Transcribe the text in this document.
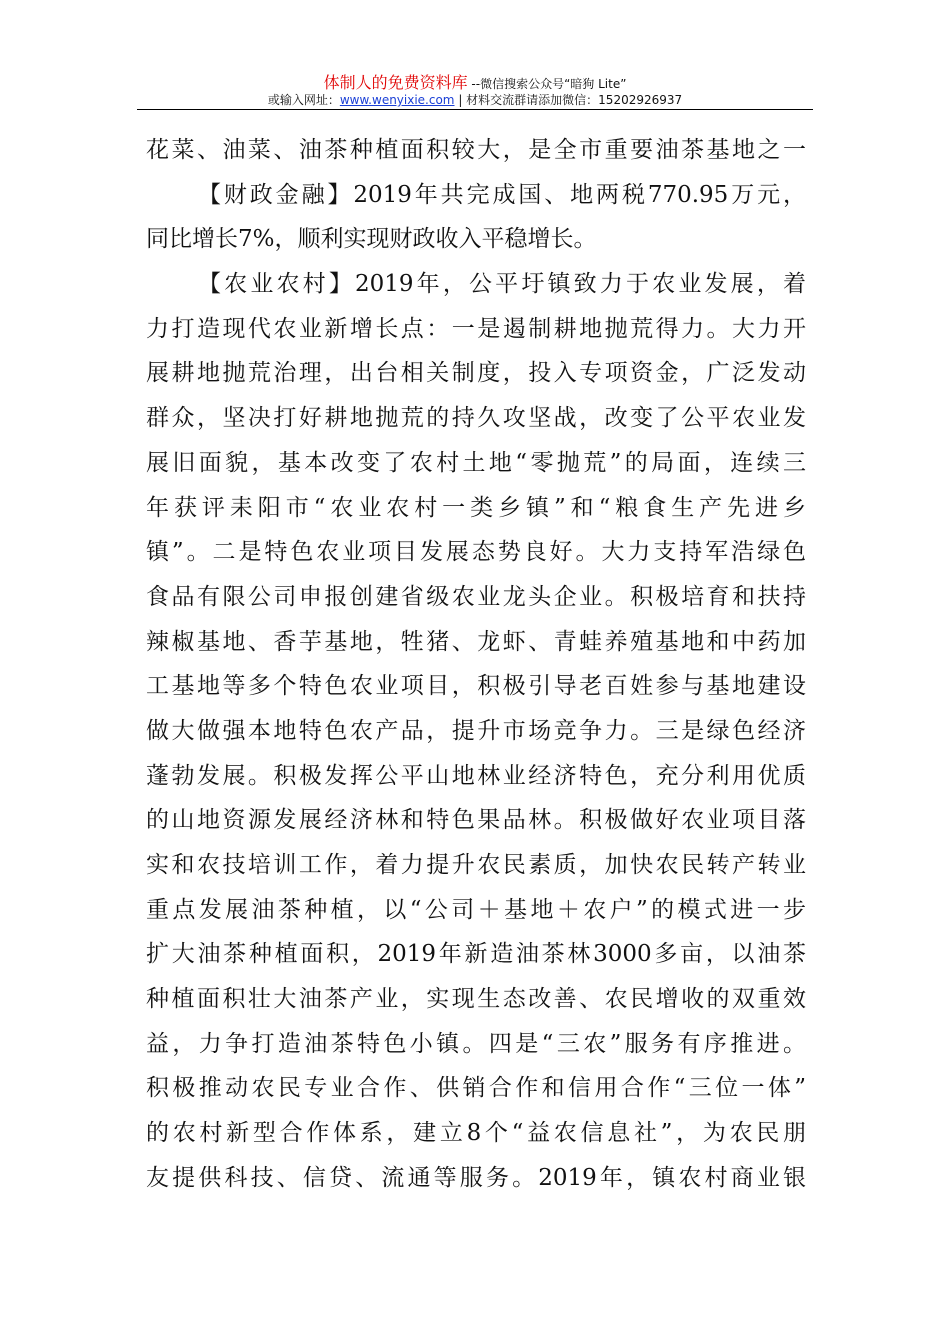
体制人的免费资料库 --微信搜索公众号“暗狗 Lite”
或输入网址：www.wenyixie.com | 材料交流群请添加微信：15202926937
花菜、油菜、油茶种植面积较大，是全市重要油茶基地之一
【财政金融】2019年共完成国、地两税770.95万元，
同比增长7%，顺利实现财政收入平稳增长。
【农业农村】2019年，公平圩镇致力于农业发展，着
力打造现代农业新增长点：一是遏制耕地抛荒得力。大力开
展耕地抛荒治理，出台相关制度，投入专项资金，广泛发动
群众，坚决打好耕地抛荒的持久攻坚战，改变了公平农业发
展旧面貌，基本改变了农村土地“零抛荒”的局面，连续三
年获评耒阳市“农业农村一类乡镇”和“粮食生产先进乡
镇”。二是特色农业项目发展态势良好。大力支持军浩绿色
食品有限公司申报创建省级农业龙头企业。积极培育和扶持
辣椒基地、香芋基地，牲猪、龙虾、青蛙养殖基地和中药加
工基地等多个特色农业项目，积极引导老百姓参与基地建设
做大做强本地特色农产品，提升市场竞争力。三是绿色经济
蓬勃发展。积极发挥公平山地林业经济特色，充分利用优质
的山地资源发展经济林和特色果品林。积极做好农业项目落
实和农技培训工作，着力提升农民素质，加快农民转产转业
重点发展油茶种植，以“公司＋基地＋农户”的模式进一步
扩大油茶种植面积，2019年新造油茶林3000多亩，以油茶
种植面积壮大油茶产业，实现生态改善、农民增收的双重效
益，力争打造油茶特色小镇。四是“三农”服务有序推进。
积极推动农民专业合作、供销合作和信用合作“三位一体”
的农村新型合作体系，建立8个“益农信息社”，为农民朋
友提供科技、信贷、流通等服务。2019年，镇农村商业银
